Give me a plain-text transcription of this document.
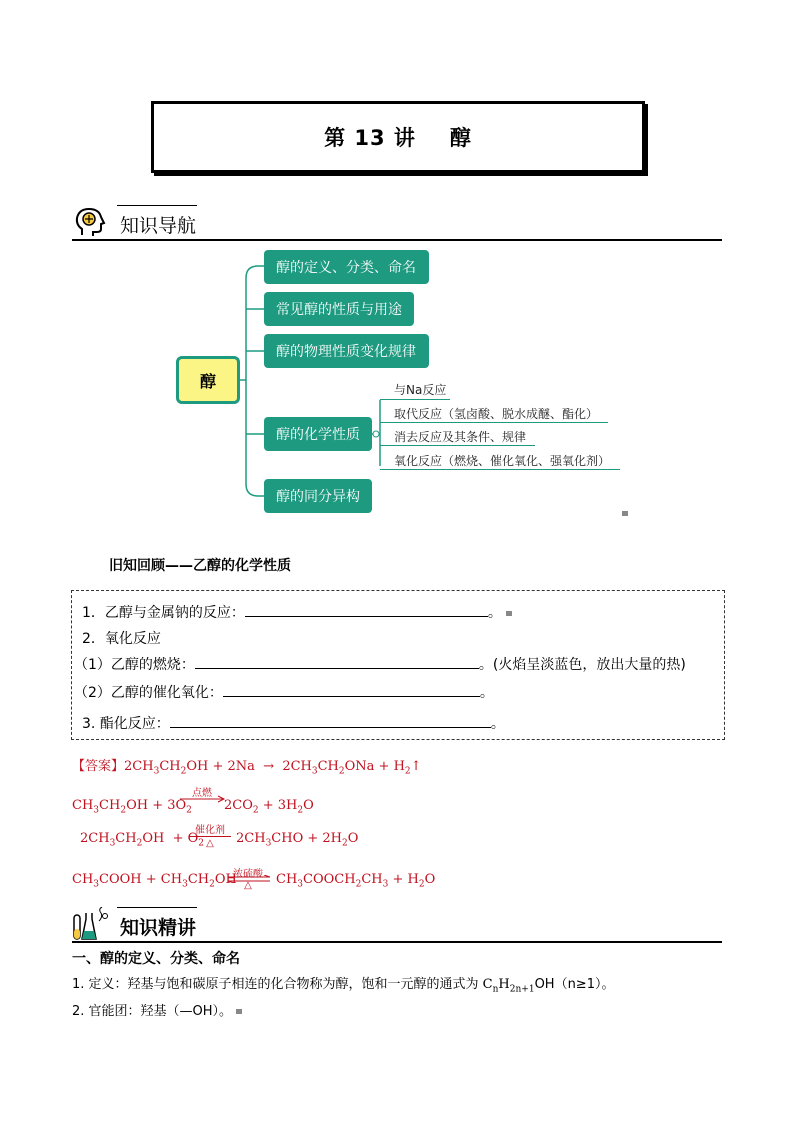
第 13 讲 醇
知识导航
醇
醇的定义、分类、命名
常见醇的性质与用途
醇的物理性质变化规律
醇的化学性质
醇的同分异构
与Na反应
取代反应（氢卤酸、脱水成醚、酯化）
消去反应及其条件、规律
氧化反应（燃烧、催化氧化、强氧化剂）
旧知回顾——乙醇的化学性质
1．乙醇与金属钠的反应：	。
2．氧化反应
（1）乙醇的燃烧：	。(火焰呈淡蓝色，放出大量的热)
（2）乙醇的催化氧化：	。
3. 酯化反应：	。
【答案】$2CH_3CH_2OH + 2Na \to 2CH_3CH_2ONa$ + $H_2↑$
$CH_3CH_2OH + 3O_2$
点燃
$2CO_2 + 3H_2O$
$2CH_3CH_2OH + O_2$
催化剂
△	$2CH_3CHO + 2H_2O$
$CH_3COOH + CH_3CH_2OH$
浓硫酸
△	$CH_3COOCH_2CH_3 + H_2O$
知识精讲
一、醇的定义、分类、命名
1. 定义：羟基与饱和碳原子相连的化合物称为醇，饱和一元醇的通式为 $C_nH_{2n+1}OH(n\ge 1)$。
2. 官能团：羟基（—OH）。
